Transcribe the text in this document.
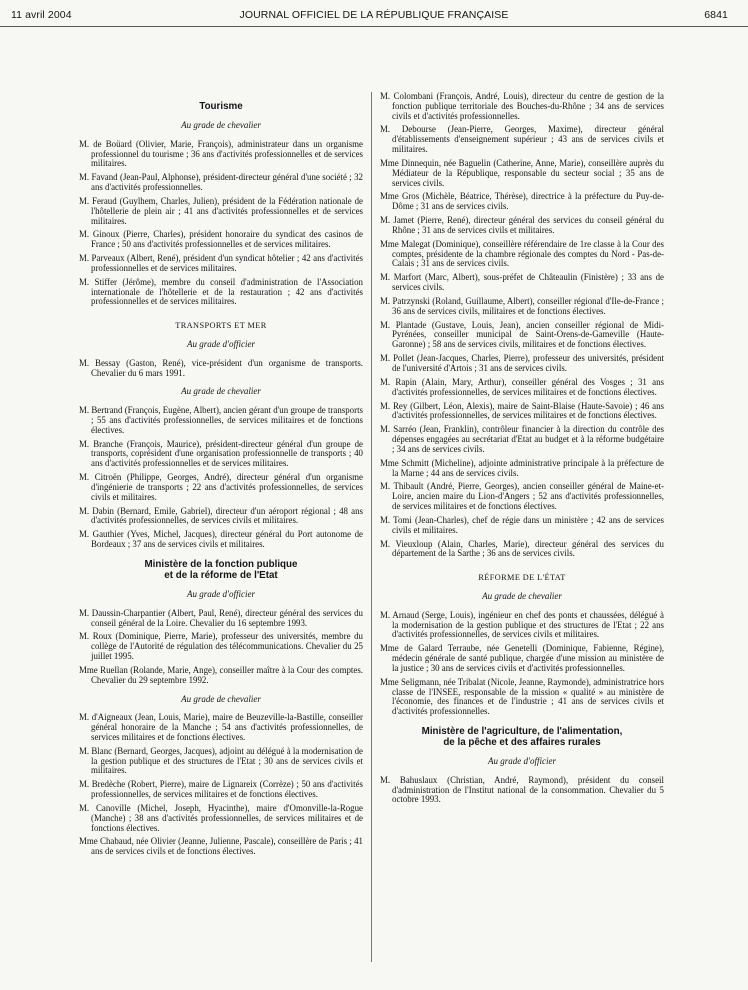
11 avril 2004	JOURNAL OFFICIEL DE LA RÉPUBLIQUE FRANÇAISE	6841
Tourisme
Au grade de chevalier
M. de Boüard (Olivier, Marie, François), administrateur dans un organisme professionnel du tourisme ; 36 ans d'activités professionnelles et de services militaires.
M. Favand (Jean-Paul, Alphonse), président-directeur général d'une société ; 32 ans d'activités professionnelles.
M. Feraud (Guylhem, Charles, Julien), président de la Fédération nationale de l'hôtellerie de plein air ; 41 ans d'activités professionnelles et de services militaires.
M. Ginoux (Pierre, Charles), président honoraire du syndicat des casinos de France ; 50 ans d'activités professionnelles et de services militaires.
M. Parveaux (Albert, René), président d'un syndicat hôtelier ; 42 ans d'activités professionnelles et de services militaires.
M. Stiffer (Jérôme), membre du conseil d'administration de l'Association internationale de l'hôtellerie et de la restauration ; 42 ans d'activités professionnelles et de services militaires.
TRANSPORTS ET MER
Au grade d'officier
M. Bessay (Gaston, René), vice-président d'un organisme de transports. Chevalier du 6 mars 1991.
Au grade de chevalier
M. Bertrand (François, Eugène, Albert), ancien gérant d'un groupe de transports ; 55 ans d'activités professionnelles, de services militaires et de fonctions électives.
M. Branche (François, Maurice), président-directeur général d'un groupe de transports, coprésident d'une organisation professionnelle de transports ; 40 ans d'activités professionnelles et de services militaires.
M. Citroën (Philippe, Georges, André), directeur général d'un organisme d'ingénierie de transports ; 22 ans d'activités professionnelles, de services civils et militaires.
M. Dabin (Bernard, Emile, Gabriel), directeur d'un aéroport régional ; 48 ans d'activités professionnelles, de services civils et militaires.
M. Gauthier (Yves, Michel, Jacques), directeur général du Port autonome de Bordeaux ; 37 ans de services civils et militaires.
Ministère de la fonction publique
et de la réforme de l'Etat
Au grade d'officier
M. Daussin-Charpantier (Albert, Paul, René), directeur général des services du conseil général de la Loire. Chevalier du 16 septembre 1993.
M. Roux (Dominique, Pierre, Marie), professeur des universités, membre du collège de l'Autorité de régulation des télécommunications. Chevalier du 25 juillet 1995.
Mme Ruellan (Rolande, Marie, Ange), conseiller maître à la Cour des comptes. Chevalier du 29 septembre 1992.
Au grade de chevalier
M. d'Aigneaux (Jean, Louis, Marie), maire de Beuzeville-la-Bastille, conseiller général honoraire de la Manche ; 54 ans d'activités professionnelles, de services militaires et de fonctions électives.
M. Blanc (Bernard, Georges, Jacques), adjoint au délégué à la modernisation de la gestion publique et des structures de l'Etat ; 30 ans de services civils et militaires.
M. Bredèche (Robert, Pierre), maire de Lignareix (Corrèze) ; 50 ans d'activités professionnelles, de services militaires et de fonctions électives.
M. Canoville (Michel, Joseph, Hyacinthe), maire d'Omonville-la-Rogue (Manche) ; 38 ans d'activités professionnelles, de services militaires et de fonctions électives.
Mme Chabaud, née Olivier (Jeanne, Julienne, Pascale), conseillère de Paris ; 41 ans de services civils et de fonctions électives.
M. Colombani (François, André, Louis), directeur du centre de gestion de la fonction publique territoriale des Bouches-du-Rhône ; 34 ans de services civils et d'activités professionnelles.
M. Debourse (Jean-Pierre, Georges, Maxime), directeur général d'établissements d'enseignement supérieur ; 43 ans de services civils et militaires.
Mme Dinnequin, née Baguelin (Catherine, Anne, Marie), conseillère auprès du Médiateur de la République, responsable du secteur social ; 35 ans de services civils.
Mme Gros (Michèle, Béatrice, Thérèse), directrice à la préfecture du Puy-de-Dôme ; 31 ans de services civils.
M. Jamet (Pierre, René), directeur général des services du conseil général du Rhône ; 31 ans de services civils et militaires.
Mme Malegat (Dominique), conseillère référendaire de 1re classe à la Cour des comptes, présidente de la chambre régionale des comptes du Nord - Pas-de-Calais ; 31 ans de services civils.
M. Marfort (Marc, Albert), sous-préfet de Châteaulin (Finistère) ; 33 ans de services civils.
M. Patrzynski (Roland, Guillaume, Albert), conseiller régional d'Ile-de-France ; 36 ans de services civils, militaires et de fonctions électives.
M. Plantade (Gustave, Louis, Jean), ancien conseiller régional de Midi-Pyrénées, conseiller municipal de Saint-Orens-de-Gameville (Haute-Garonne) ; 58 ans de services civils, militaires et de fonctions électives.
M. Pollet (Jean-Jacques, Charles, Pierre), professeur des universités, président de l'université d'Artois ; 31 ans de services civils.
M. Rapin (Alain, Mary, Arthur), conseiller général des Vosges ; 31 ans d'activités professionnelles, de services militaires et de fonctions électives.
M. Rey (Gilbert, Léon, Alexis), maire de Saint-Blaise (Haute-Savoie) ; 46 ans d'activités professionnelles, de services militaires et de fonctions électives.
M. Sarréo (Jean, Franklin), contrôleur financier à la direction du contrôle des dépenses engagées au secrétariat d'Etat au budget et à la réforme budgétaire ; 34 ans de services civils.
Mme Schmitt (Micheline), adjointe administrative principale à la préfecture de la Marne ; 44 ans de services civils.
M. Thibault (André, Pierre, Georges), ancien conseiller général de Maine-et-Loire, ancien maire du Lion-d'Angers ; 52 ans d'activités professionnelles, de services militaires et de fonctions électives.
M. Tomi (Jean-Charles), chef de régie dans un ministère ; 42 ans de services civils et militaires.
M. Vieuxloup (Alain, Charles, Marie), directeur général des services du département de la Sarthe ; 36 ans de services civils.
RÉFORME DE L'ÉTAT
Au grade de chevalier
M. Arnaud (Serge, Louis), ingénieur en chef des ponts et chaussées, délégué à la modernisation de la gestion publique et des structures de l'Etat ; 22 ans d'activités professionnelles, de services civils et militaires.
Mme de Galard Terraube, née Genetelli (Dominique, Fabienne, Régine), médecin générale de santé publique, chargée d'une mission au ministère de la justice ; 30 ans de services civils et d'activités professionnelles.
Mme Seligmann, née Tribalat (Nicole, Jeanne, Raymonde), administratrice hors classe de l'INSEE, responsable de la mission « qualité » au ministère de l'économie, des finances et de l'industrie ; 41 ans de services civils et d'activités professionnelles.
Ministère de l'agriculture, de l'alimentation,
de la pêche et des affaires rurales
Au grade d'officier
M. Bahuslaux (Christian, André, Raymond), président du conseil d'administration de l'Institut national de la consommation. Chevalier du 5 octobre 1993.
